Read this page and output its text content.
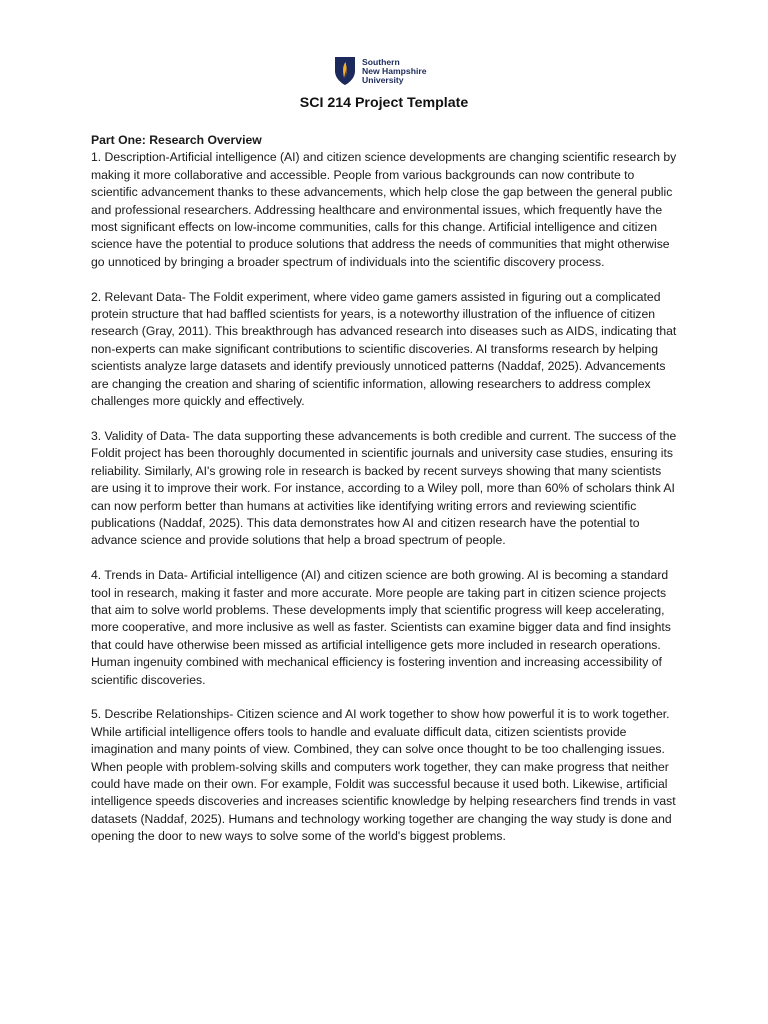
Southern
New Hampshire
University
SCI 214 Project Template

Part One: Research Overview

1. Description-Artificial intelligence (AI) and citizen science developments are changing scientific research by making it more collaborative and accessible. People from various backgrounds can now contribute to scientific advancement thanks to these advancements, which help close the gap between the general public and professional researchers. Addressing healthcare and environmental issues, which frequently have the most significant effects on low-income communities, calls for this change. Artificial intelligence and citizen science have the potential to produce solutions that address the needs of communities that might otherwise go unnoticed by bringing a broader spectrum of individuals into the scientific discovery process.

2. Relevant Data- The Foldit experiment, where video game gamers assisted in figuring out a complicated protein structure that had baffled scientists for years, is a noteworthy illustration of the influence of citizen research (Gray, 2011). This breakthrough has advanced research into diseases such as AIDS, indicating that non-experts can make significant contributions to scientific discoveries. AI transforms research by helping scientists analyze large datasets and identify previously unnoticed patterns (Naddaf, 2025). Advancements are changing the creation and sharing of scientific information, allowing researchers to address complex challenges more quickly and effectively.

3. Validity of Data- The data supporting these advancements is both credible and current. The success of the Foldit project has been thoroughly documented in scientific journals and university case studies, ensuring its reliability. Similarly, AI's growing role in research is backed by recent surveys showing that many scientists are using it to improve their work. For instance, according to a Wiley poll, more than 60% of scholars think AI can now perform better than humans at activities like identifying writing errors and reviewing scientific publications (Naddaf, 2025). This data demonstrates how AI and citizen research have the potential to advance science and provide solutions that help a broad spectrum of people.

4. Trends in Data- Artificial intelligence (AI) and citizen science are both growing. AI is becoming a standard tool in research, making it faster and more accurate. More people are taking part in citizen science projects that aim to solve world problems. These developments imply that scientific progress will keep accelerating, more cooperative, and more inclusive as well as faster. Scientists can examine bigger data and find insights that could have otherwise been missed as artificial intelligence gets more included in research operations. Human ingenuity combined with mechanical efficiency is fostering invention and increasing accessibility of scientific discoveries.

5. Describe Relationships- Citizen science and AI work together to show how powerful it is to work together. While artificial intelligence offers tools to handle and evaluate difficult data, citizen scientists provide imagination and many points of view. Combined, they can solve once thought to be too challenging issues. When people with problem-solving skills and computers work together, they can make progress that neither could have made on their own. For example, Foldit was successful because it used both. Likewise, artificial intelligence speeds discoveries and increases scientific knowledge by helping researchers find trends in vast datasets (Naddaf, 2025). Humans and technology working together are changing the way study is done and opening the door to new ways to solve some of the world's biggest problems.
